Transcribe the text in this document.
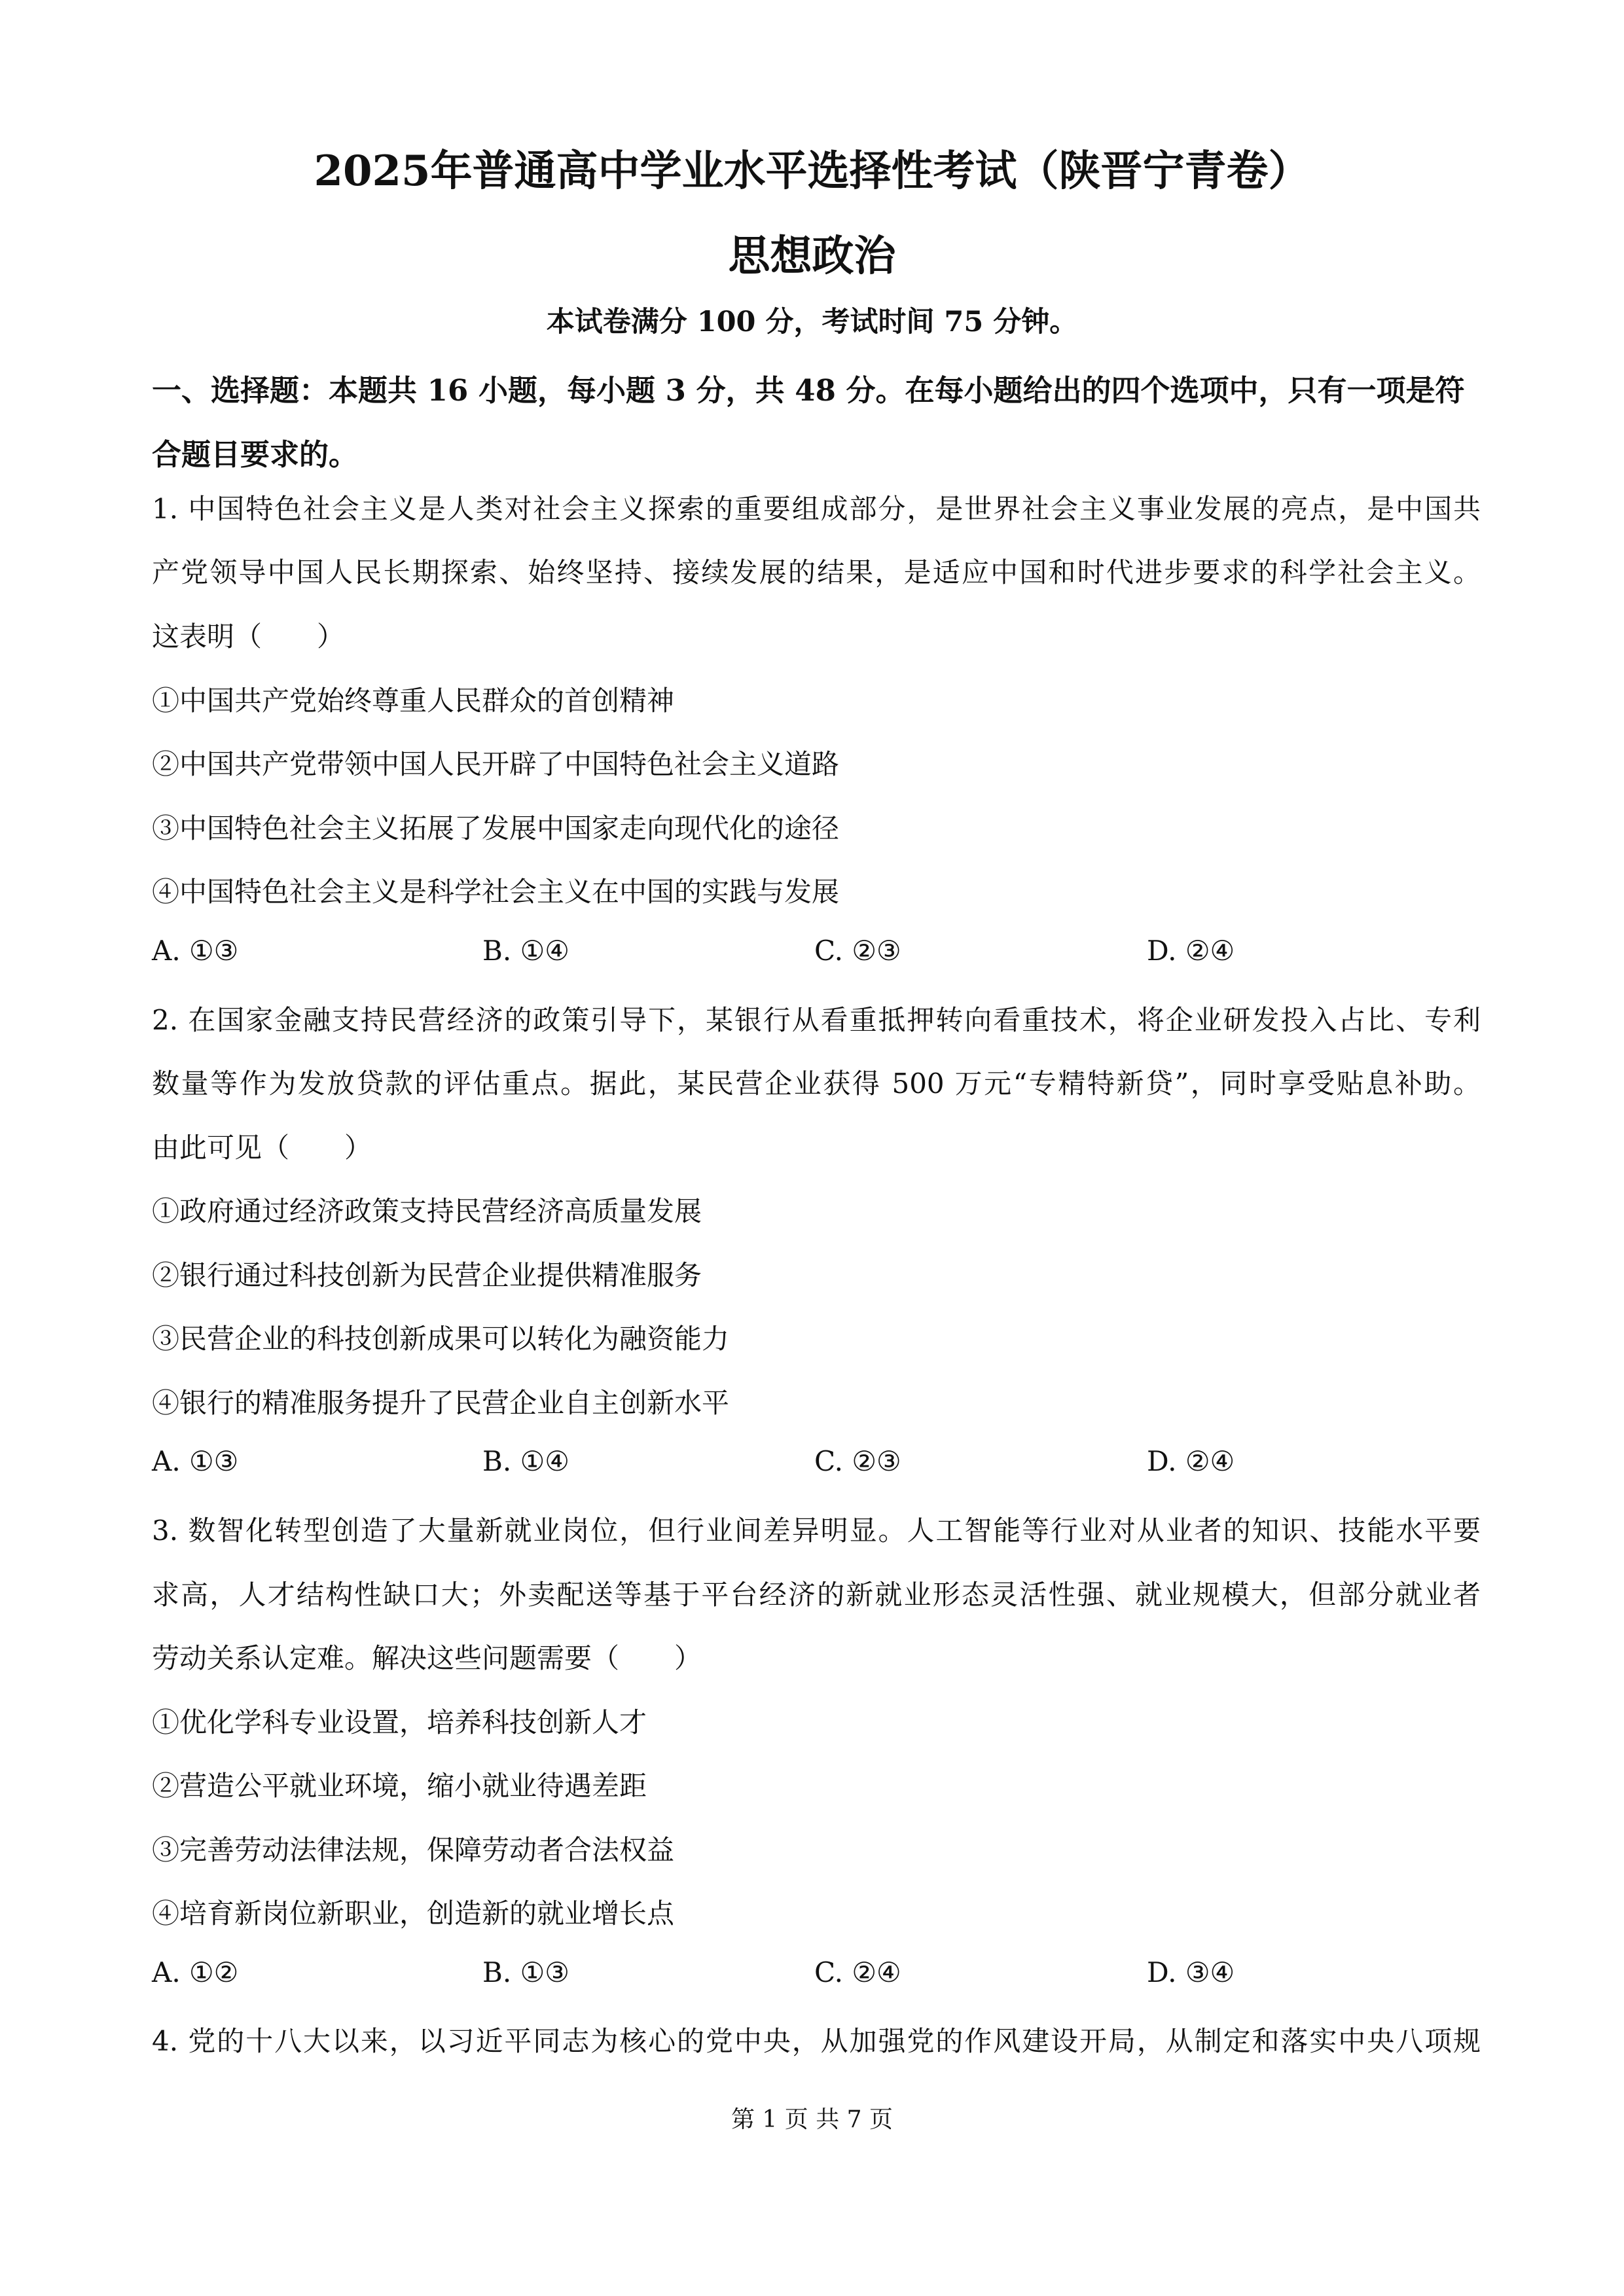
2025年普通高中学业水平选择性考试（陕晋宁青卷）
思想政治
本试卷满分 100 分，考试时间 75 分钟。
一、选择题：本题共 16 小题，每小题 3 分，共 48 分。在每小题给出的四个选项中，只有一项是符合题目要求的。
1. 中国特色社会主义是人类对社会主义探索的重要组成部分，是世界社会主义事业发展的亮点，是中国共
产党领导中国人民长期探索、始终坚持、接续发展的结果，是适应中国和时代进步要求的科学社会主义。
这表明（　　）
①中国共产党始终尊重人民群众的首创精神
②中国共产党带领中国人民开辟了中国特色社会主义道路
③中国特色社会主义拓展了发展中国家走向现代化的途径
④中国特色社会主义是科学社会主义在中国的实践与发展
A. ①③	B. ①④	C. ②③	D. ②④
2. 在国家金融支持民营经济的政策引导下，某银行从看重抵押转向看重技术，将企业研发投入占比、专利
数量等作为发放贷款的评估重点。据此，某民营企业获得 500 万元“专精特新贷”，同时享受贴息补助。
由此可见（　　）
①政府通过经济政策支持民营经济高质量发展
②银行通过科技创新为民营企业提供精准服务
③民营企业的科技创新成果可以转化为融资能力
④银行的精准服务提升了民营企业自主创新水平
A. ①③	B. ①④	C. ②③	D. ②④
3. 数智化转型创造了大量新就业岗位，但行业间差异明显。人工智能等行业对从业者的知识、技能水平要
求高，人才结构性缺口大；外卖配送等基于平台经济的新就业形态灵活性强、就业规模大，但部分就业者
劳动关系认定难。解决这些问题需要（　　）
①优化学科专业设置，培养科技创新人才
②营造公平就业环境，缩小就业待遇差距
③完善劳动法律法规，保障劳动者合法权益
④培育新岗位新职业，创造新的就业增长点
A. ①②	B. ①③	C. ②④	D. ③④
4. 党的十八大以来，以习近平同志为核心的党中央，从加强党的作风建设开局，从制定和落实中央八项规
第 1 页 共 7 页
